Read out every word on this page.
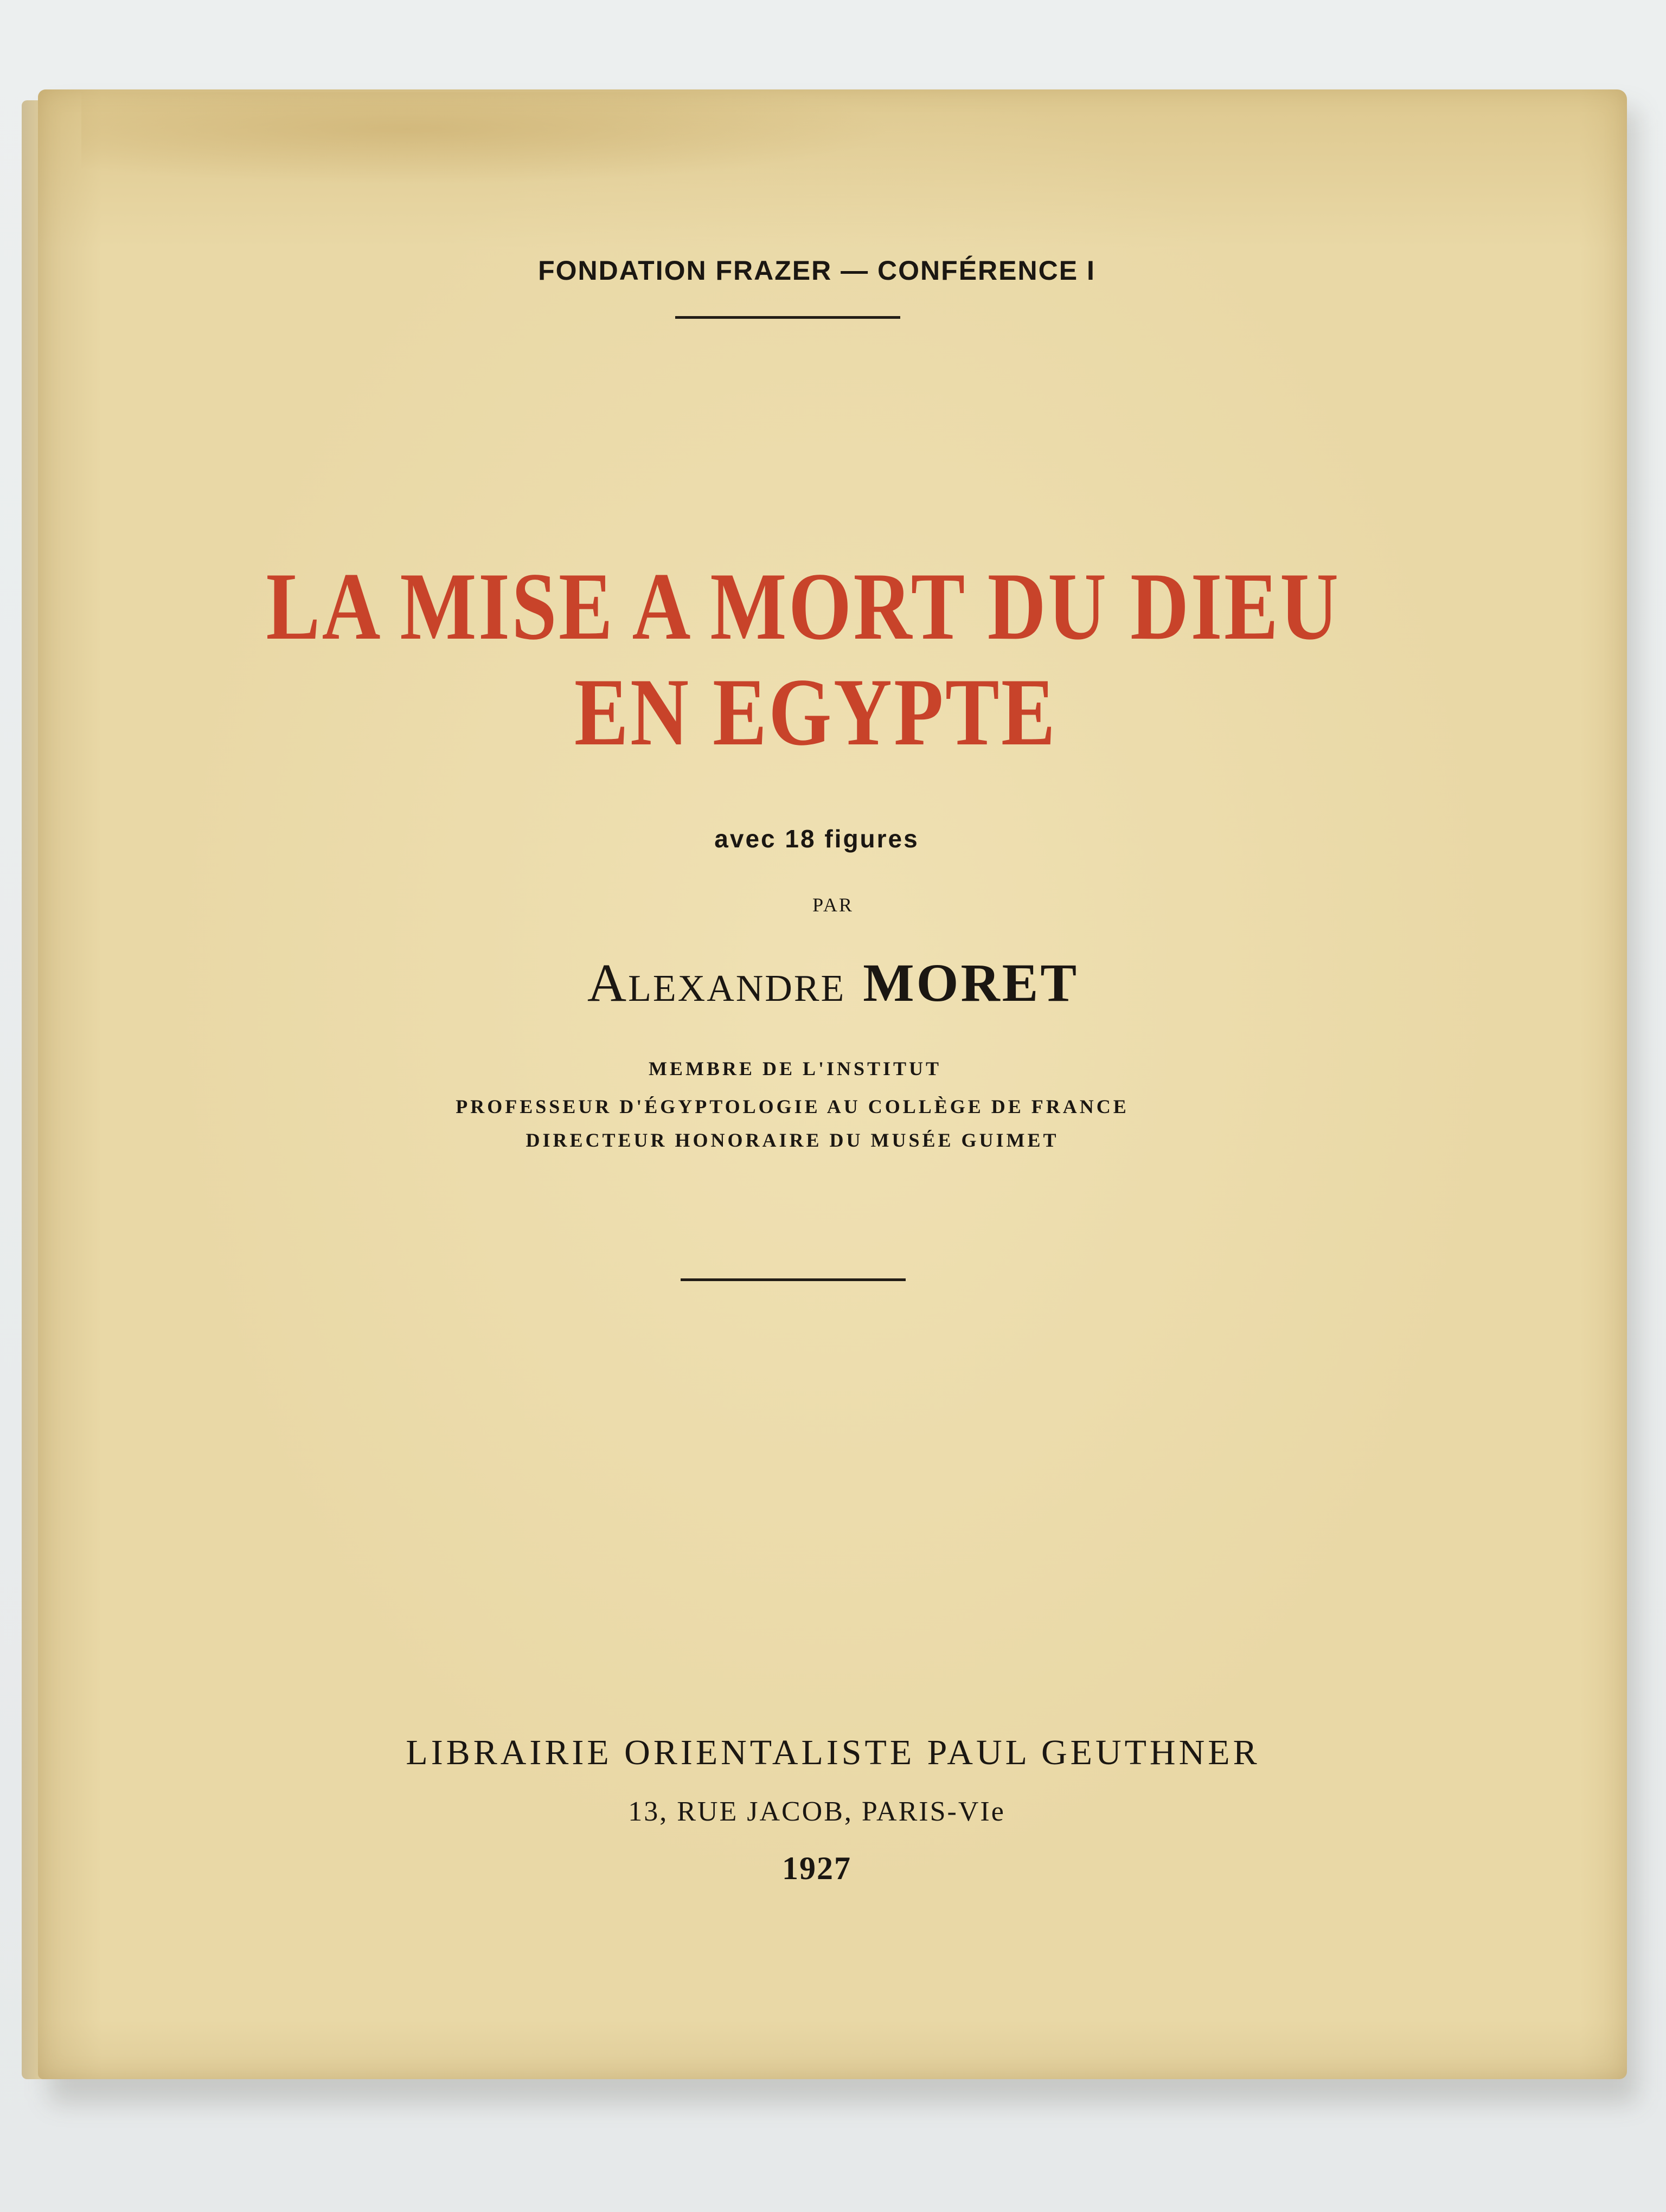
FONDATION FRAZER — CONFÉRENCE I
LA MISE A MORT DU DIEU
EN EGYPTE
avec 18 figures
PAR
Alexandre MORET
MEMBRE DE L'INSTITUT
PROFESSEUR D'ÉGYPTOLOGIE AU COLLÈGE DE FRANCE
DIRECTEUR HONORAIRE DU MUSÉE GUIMET
LIBRAIRIE ORIENTALISTE PAUL GEUTHNER
13, RUE JACOB, PARIS-VIe
1927
